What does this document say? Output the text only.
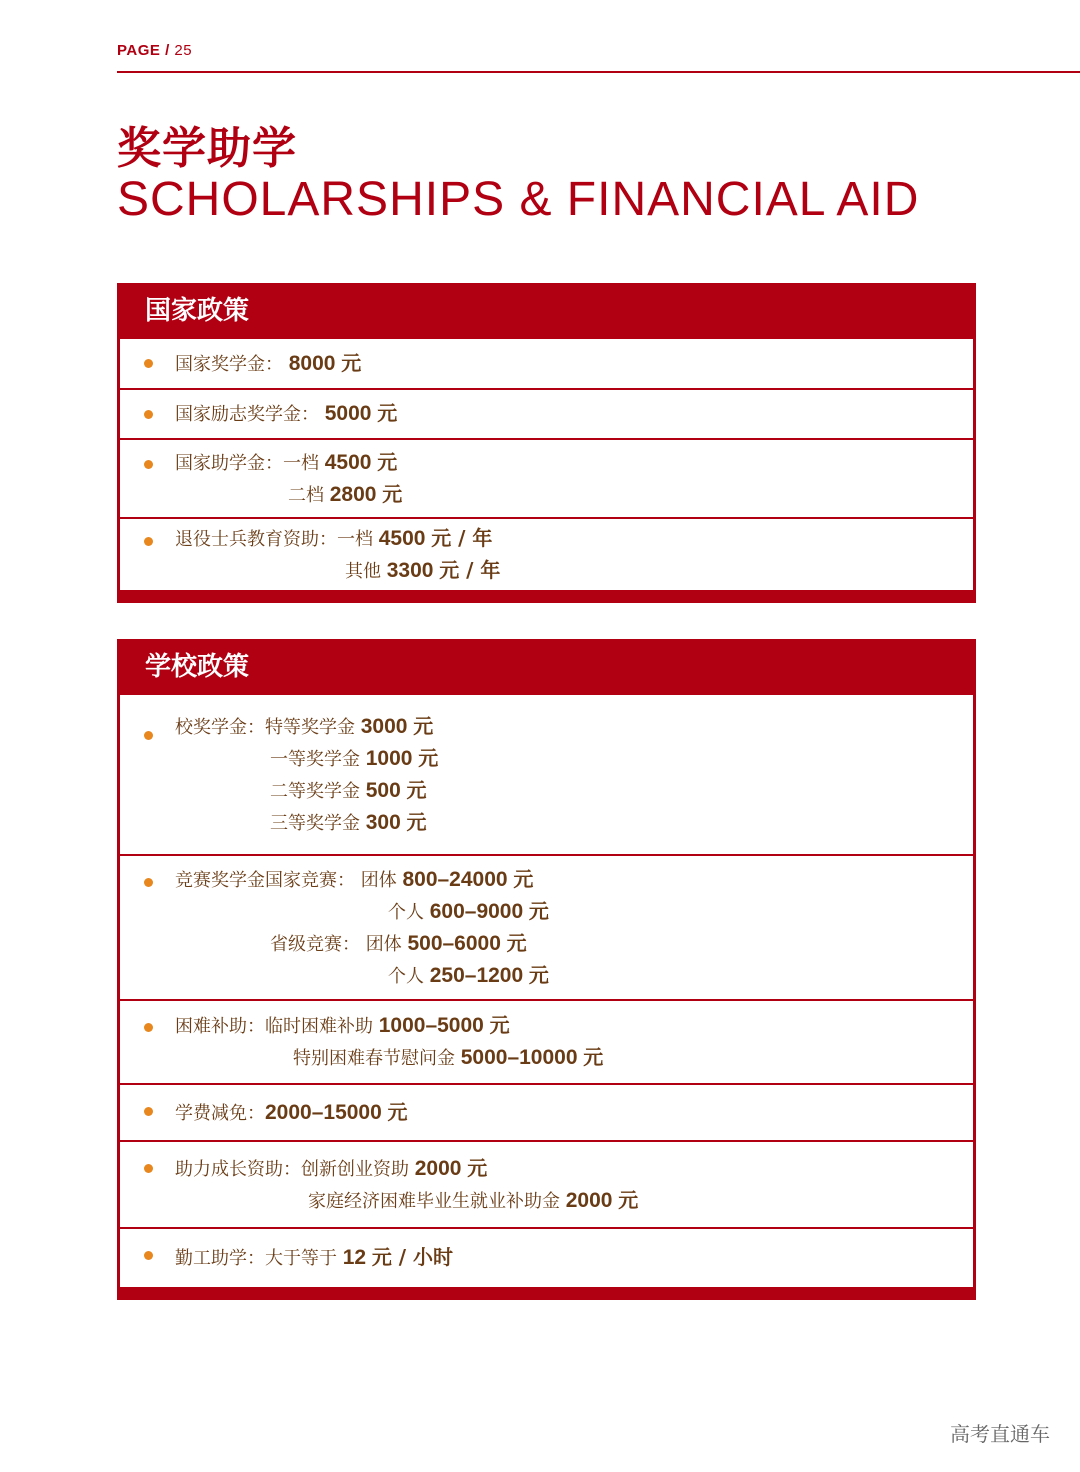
PAGE / 25
奖学助学
SCHOLARSHIPS & FINANCIAL AID
国家政策
国家奖学金： 8000 元
国家励志奖学金： 5000 元
国家助学金：一档 4500 元
二档 2800 元
退役士兵教育资助：一档 4500 元 / 年
其他 3300 元 / 年
学校政策
校奖学金：特等奖学金 3000 元
一等奖学金 1000 元
二等奖学金 500 元
三等奖学金 300 元
竞赛奖学金国家竞赛： 团体 800–24000 元
个人 600–9000 元
省级竞赛： 团体 500–6000 元
个人 250–1200 元
困难补助：临时困难补助 1000–5000 元
特别困难春节慰问金 5000–10000 元
学费减免：2000–15000 元
助力成长资助：创新创业资助 2000 元
家庭经济困难毕业生就业补助金 2000 元
勤工助学：大于等于 12 元 / 小时
高考直通车
